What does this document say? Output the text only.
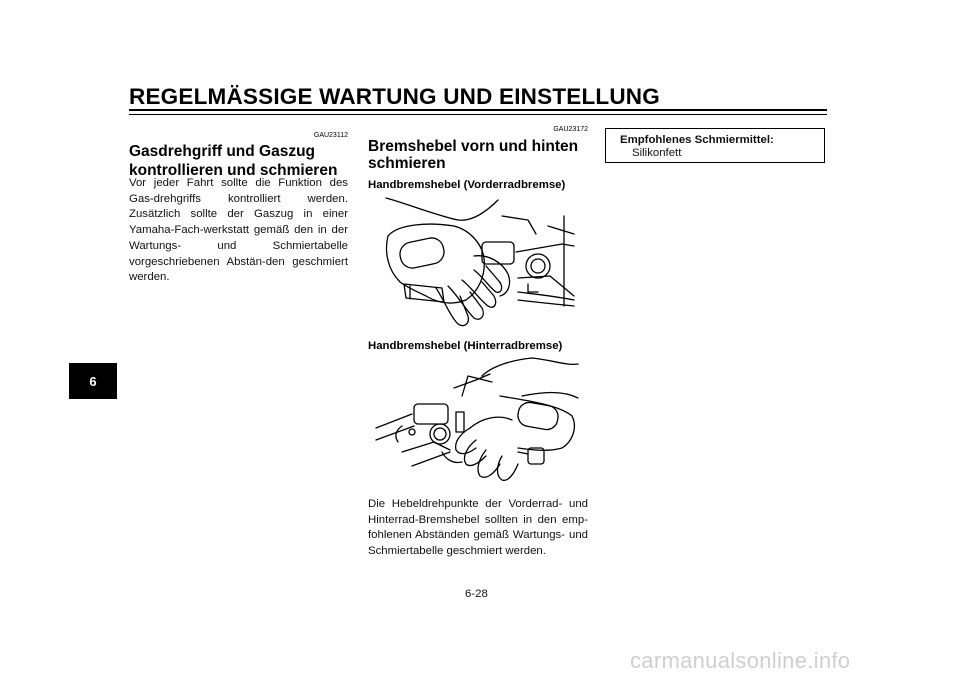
REGELMÄSSIGE WARTUNG UND EINSTELLUNG
6
GAU23112
Gasdrehgriff und Gaszug
kontrollieren und schmieren
Vor jeder Fahrt sollte die Funktion des Gas-drehgriffs kontrolliert werden. Zusätzlich sollte der Gaszug in einer Yamaha-Fach-werkstatt gemäß den in der Wartungs- und Schmiertabelle vorgeschriebenen Abstän-den geschmiert werden.
GAU23172
Bremshebel vorn und hinten
schmieren
Handbremshebel (Vorderradbremse)
Handbremshebel (Hinterradbremse)
Die Hebeldrehpunkte der Vorderrad- und Hinterrad-Bremshebel sollten in den emp-fohlenen Abständen gemäß Wartungs- und Schmiertabelle geschmiert werden.
Empfohlenes Schmiermittel:
Silikonfett
6-28
carmanualsonline.info
